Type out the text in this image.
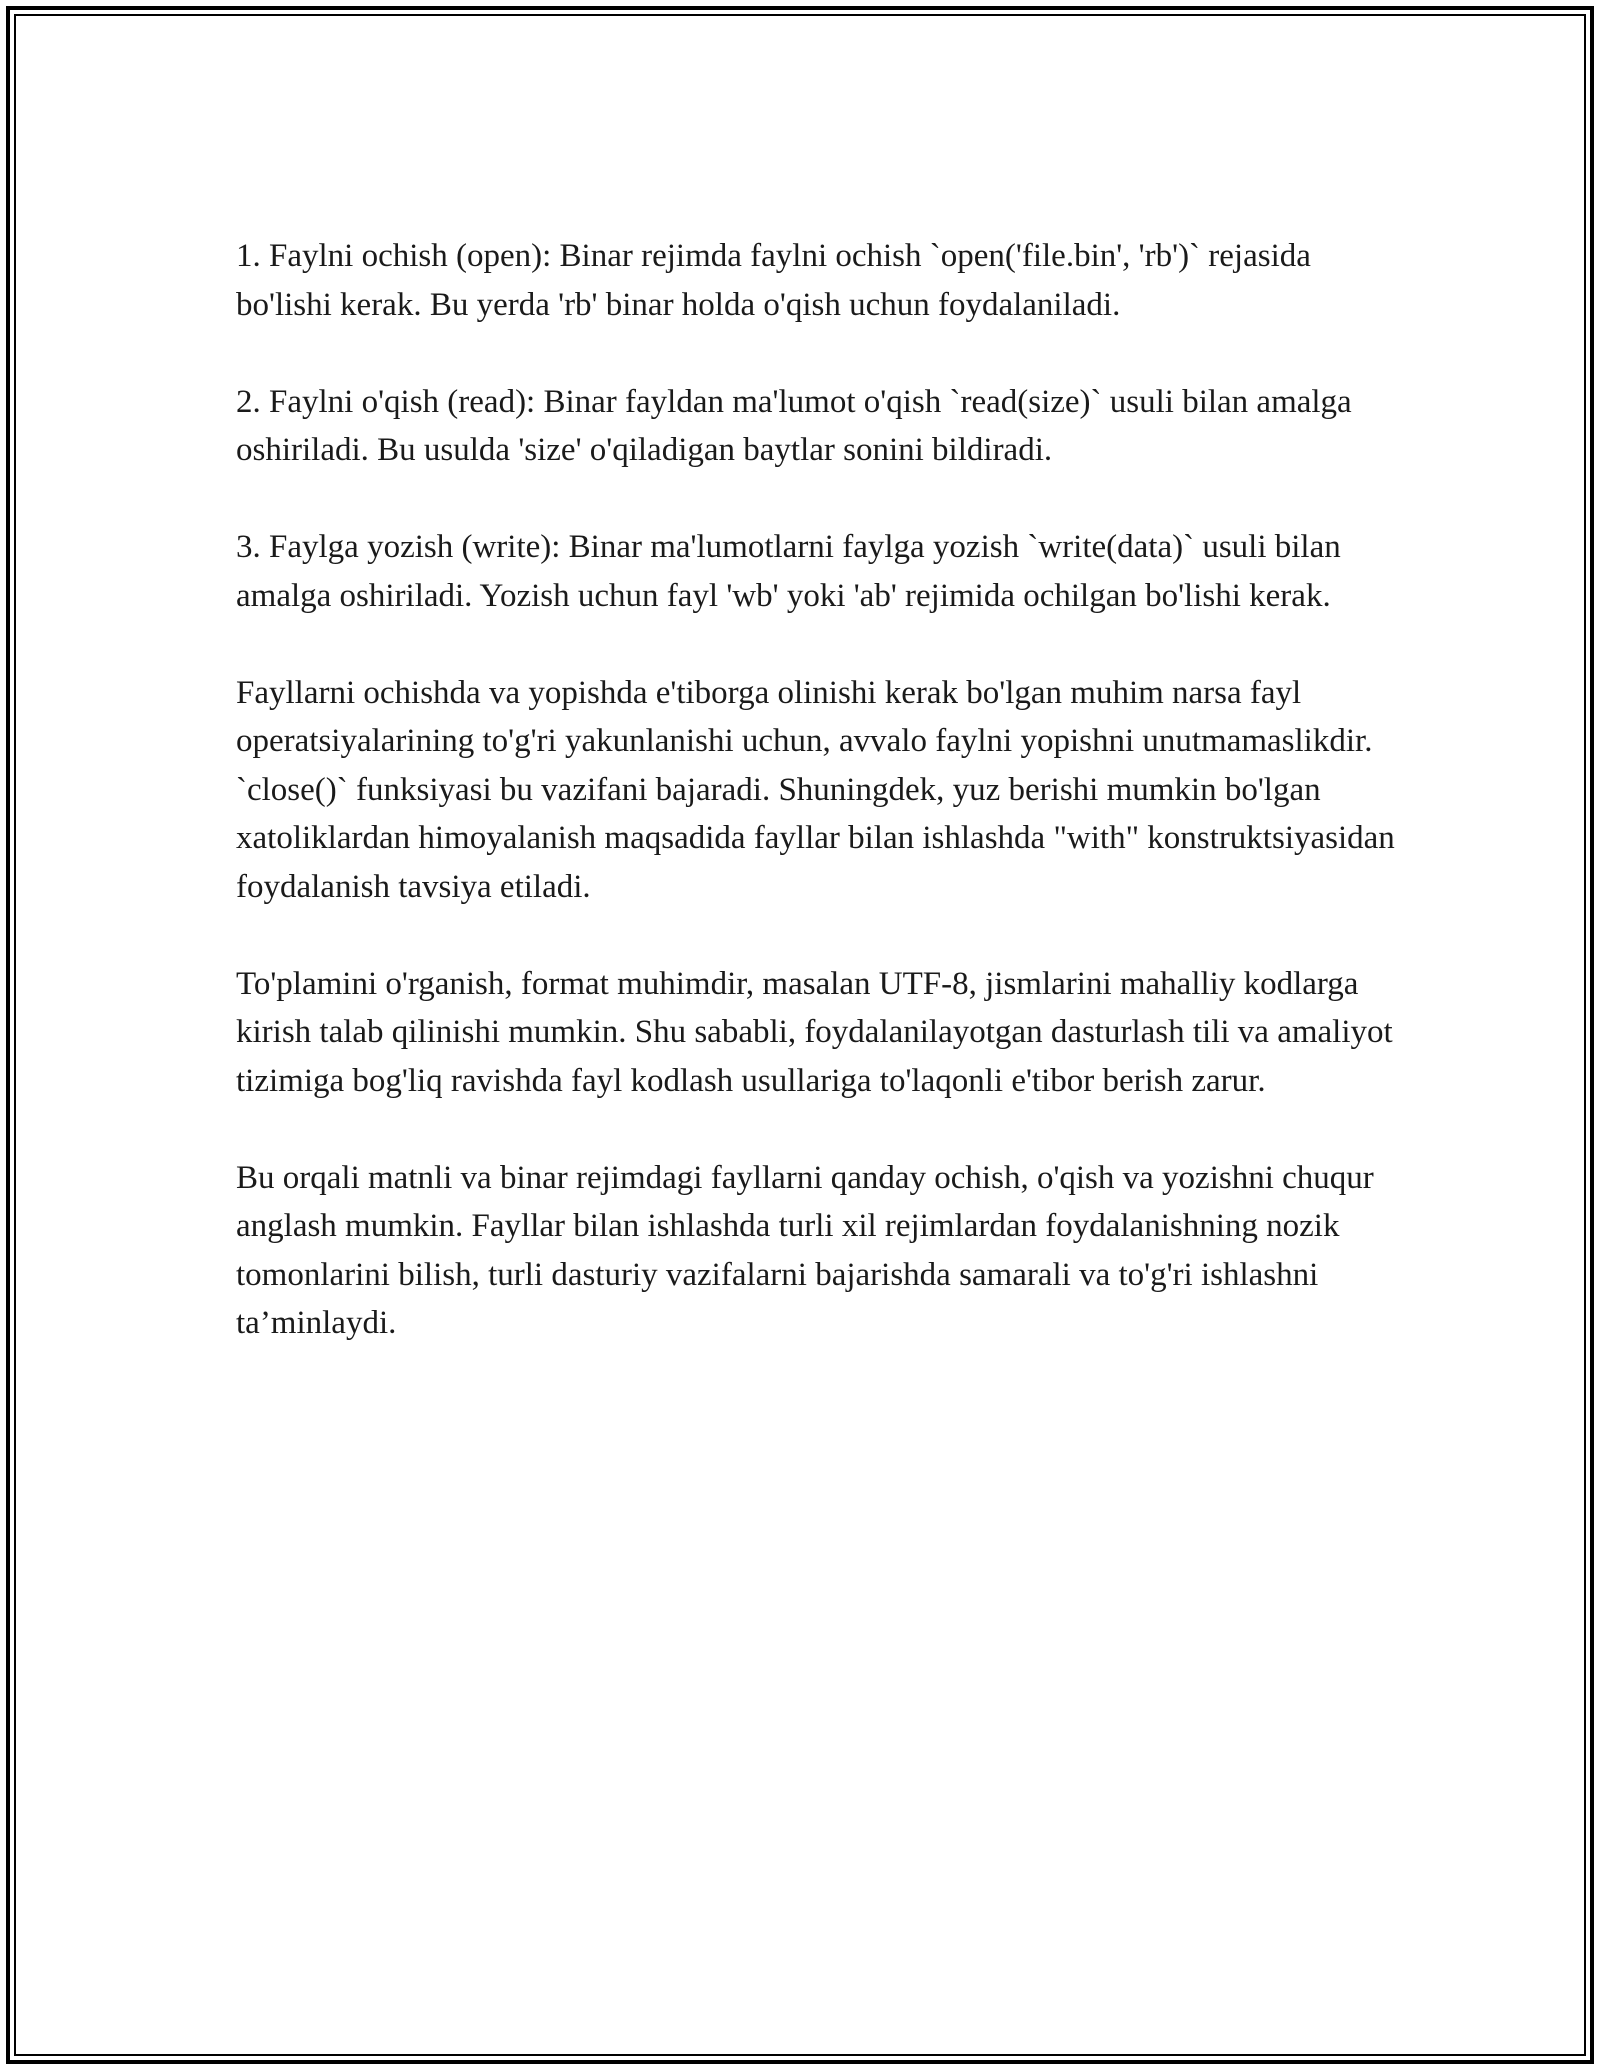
1. Faylni ochish (open): Binar rejimda faylni ochish `open('file.bin', 'rb')` rejasida bo'lishi kerak. Bu yerda 'rb' binar holda o'qish uchun foydalaniladi.

2. Faylni o'qish (read): Binar fayldan ma'lumot o'qish `read(size)` usuli bilan amalga oshiriladi. Bu usulda 'size' o'qiladigan baytlar sonini bildiradi.

3. Faylga yozish (write): Binar ma'lumotlarni faylga yozish `write(data)` usuli bilan amalga oshiriladi. Yozish uchun fayl 'wb' yoki 'ab' rejimida ochilgan bo'lishi kerak.

Fayllarni ochishda va yopishda e'tiborga olinishi kerak bo'lgan muhim narsa fayl operatsiyalarining to'g'ri yakunlanishi uchun, avvalo faylni yopishni unutmamaslikdir. `close()` funksiyasi bu vazifani bajaradi. Shuningdek, yuz berishi mumkin bo'lgan xatoliklardan himoyalanish maqsadida fayllar bilan ishlashda "with" konstruktsiyasidan foydalanish tavsiya etiladi.

To'plamini o'rganish, format muhimdir, masalan UTF-8, jismlarini mahalliy kodlarga kirish talab qilinishi mumkin. Shu sababli, foydalanilayotgan dasturlash tili va amaliyot tizimiga bog'liq ravishda fayl kodlash usullariga to'laqonli e'tibor berish zarur.

Bu orqali matnli va binar rejimdagi fayllarni qanday ochish, o'qish va yozishni chuqur anglash mumkin. Fayllar bilan ishlashda turli xil rejimlardan foydalanishning nozik tomonlarini bilish, turli dasturiy vazifalarni bajarishda samarali va to'g'ri ishlashni ta’minlaydi.
